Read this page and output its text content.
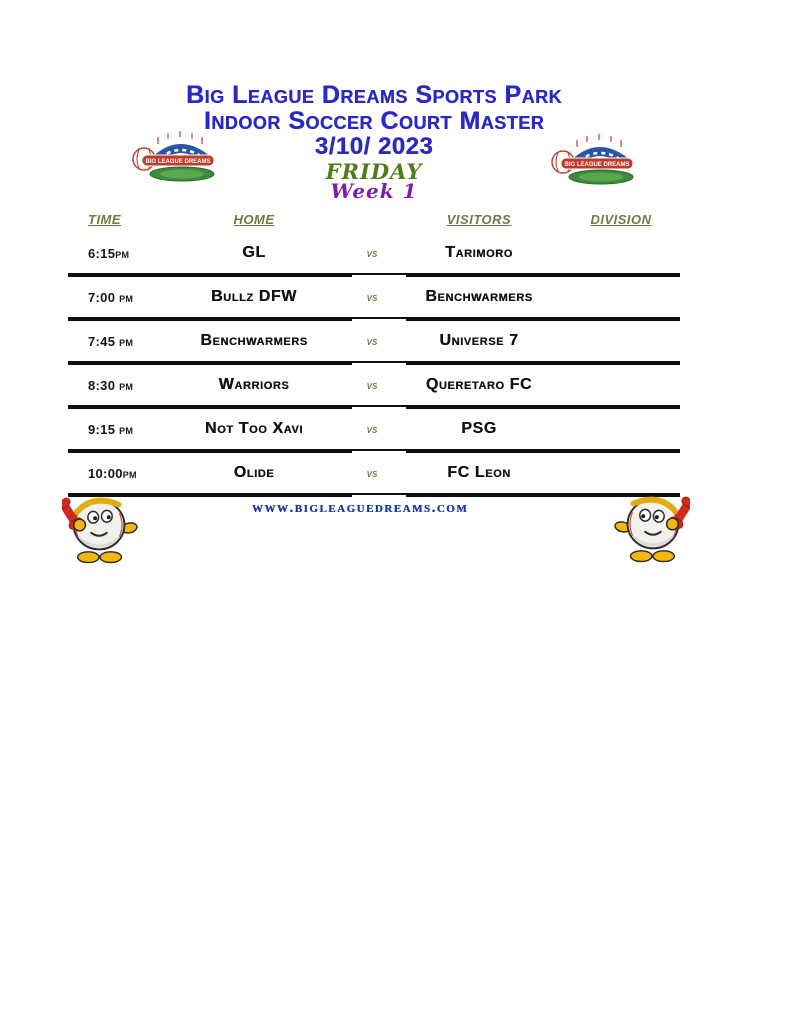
Big League Dreams Sports Park
Indoor Soccer Court Master
3/10/ 2023
FRIDAY
Week 1
TIME	HOME	VISITORS	DIVISION
6:15pm	GL	vs	Tarimoro
7:00 pm	Bullz DFW	vs	Benchwarmers
7:45 pm	Benchwarmers	vs	Universe 7
8:30 pm	Warriors	vs	Queretaro FC
9:15 pm	Not Too Xavi	vs	PSG
10:00pm	Olide	vs	FC Leon
www.bigleaguedreams.com
